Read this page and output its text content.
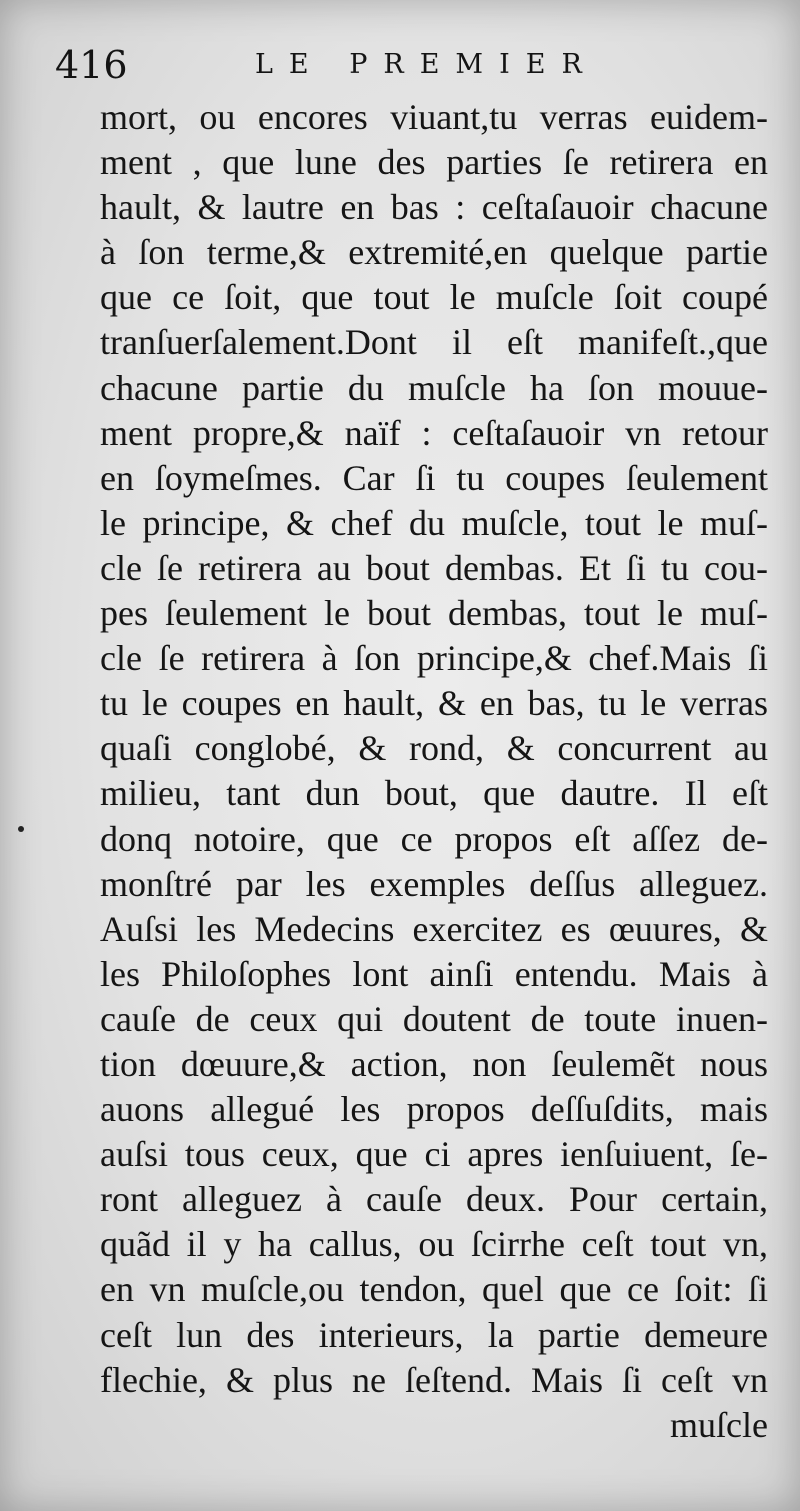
416	LE PREMIER
mort, ou encores viuant,tu verras euidem-
ment , que lune des parties ſe retirera en
hault, & lautre en bas : ceſtaſauoir chacune
à ſon terme,& extremité,en quelque partie
que ce ſoit, que tout le muſcle ſoit coupé
tranſuerſalement.Dont il eſt manifeſt.,que
chacune partie du muſcle ha ſon mouue-
ment propre,& naïf : ceſtaſauoir vn retour
en ſoymeſmes. Car ſi tu coupes ſeulement
le principe, & chef du muſcle, tout le muſ-
cle ſe retirera au bout dembas. Et ſi tu cou-
pes ſeulement le bout dembas, tout le muſ-
cle ſe retirera à ſon principe,& chef.Mais ſi
tu le coupes en hault, & en bas, tu le verras
quaſi conglobé, & rond, & concurrent au
milieu, tant dun bout, que dautre. Il eſt
donq notoire, que ce propos eſt aſſez de-
monſtré par les exemples deſſus alleguez.
Auſsi les Medecins exercitez es œuures, &
les Philoſophes lont ainſi entendu. Mais à
cauſe de ceux qui doutent de toute inuen-
tion dœuure,& action, non ſeulemẽt nous
auons allegué les propos deſſuſdits, mais
auſsi tous ceux, que ci apres ienſuiuent, ſe-
ront alleguez à cauſe deux. Pour certain,
quãd il y ha callus, ou ſcirrhe ceſt tout vn,
en vn muſcle,ou tendon, quel que ce ſoit: ſi
ceſt lun des interieurs, la partie demeure
flechie, & plus ne ſeſtend. Mais ſi ceſt vn
muſcle
